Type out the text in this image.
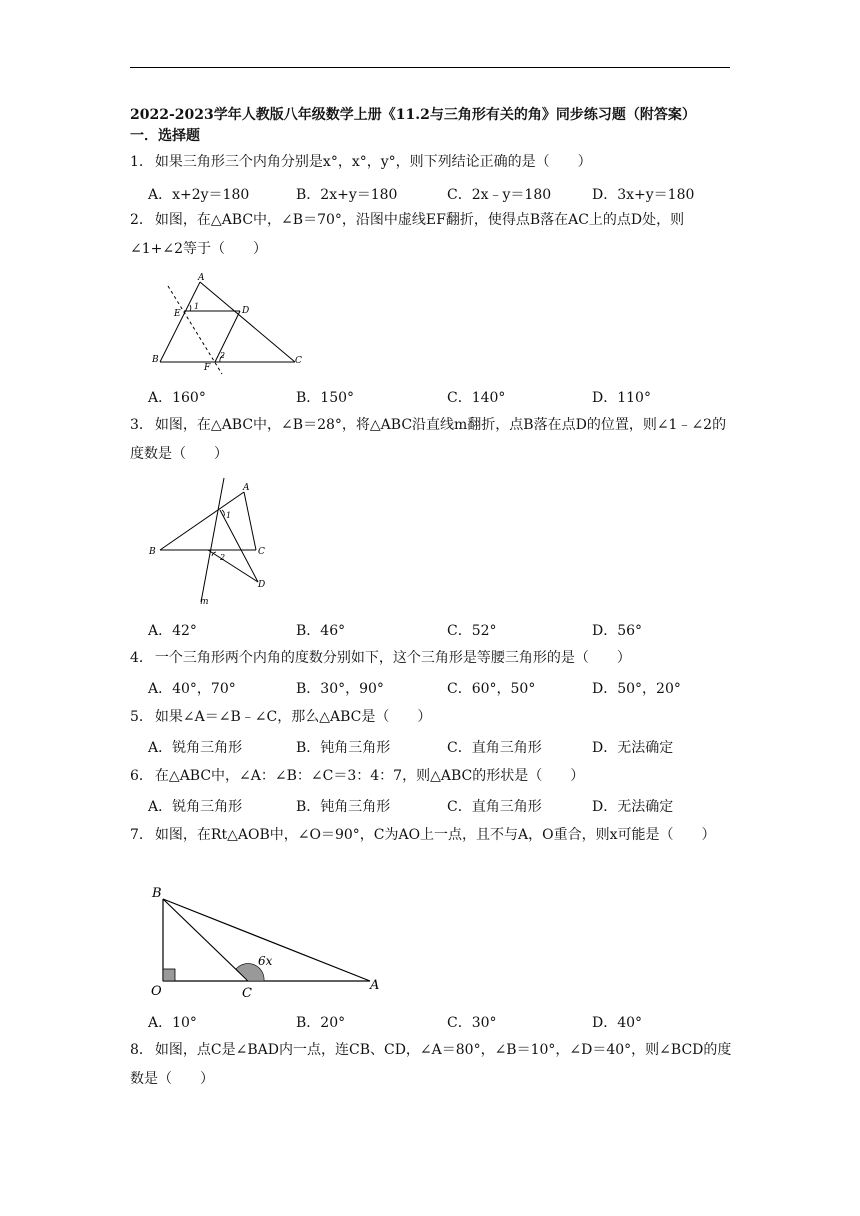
2022-2023学年人教版八年级数学上册《11.2与三角形有关的角》同步练习题（附答案）
一．选择题
1． 如果三角形三个内角分别是x°，x°，y°，则下列结论正确的是（　　）
A．x+2y＝180	B．2x+y＝180	C．2x﹣y＝180	D．3x+y＝180
2． 如图，在△ABC中，∠B＝70°，沿图中虚线EF翻折，使得点B落在AC上的点D处，则∠1+∠2等于（　　）
A
E	D
B
F
C
1
2
A．160°	B．150°	C．140°	D．110°
3． 如图，在△ABC中，∠B＝28°，将△ABC沿直线m翻折，点B落在点D的位置，则∠1﹣∠2的度数是（　　）
A
B	C
D
m
1
2
A．42°	B．46°	C．52°	D．56°
4． 一个三角形两个内角的度数分别如下，这个三角形是等腰三角形的是（　　）
A．40°，70°	B．30°，90°	C．60°，50°	D．50°，20°
5． 如果∠A＝∠B﹣∠C，那么△ABC是（　　）
A．锐角三角形	B．钝角三角形	C．直角三角形	D．无法确定
6． 在△ABC中，∠A：∠B：∠C＝3：4：7，则△ABC的形状是（　　）
A．锐角三角形	B．钝角三角形	C．直角三角形	D．无法确定
7． 如图，在Rt△AOB中，∠O＝90°，C为AO上一点，且不与A，O重合，则x可能是（　　）
B
O	C
A
6x
A．10°	B．20°	C．30°	D．40°
8． 如图，点C是∠BAD内一点，连CB、CD，∠A＝80°，∠B＝10°，∠D＝40°，则∠BCD的度数是（　　）
